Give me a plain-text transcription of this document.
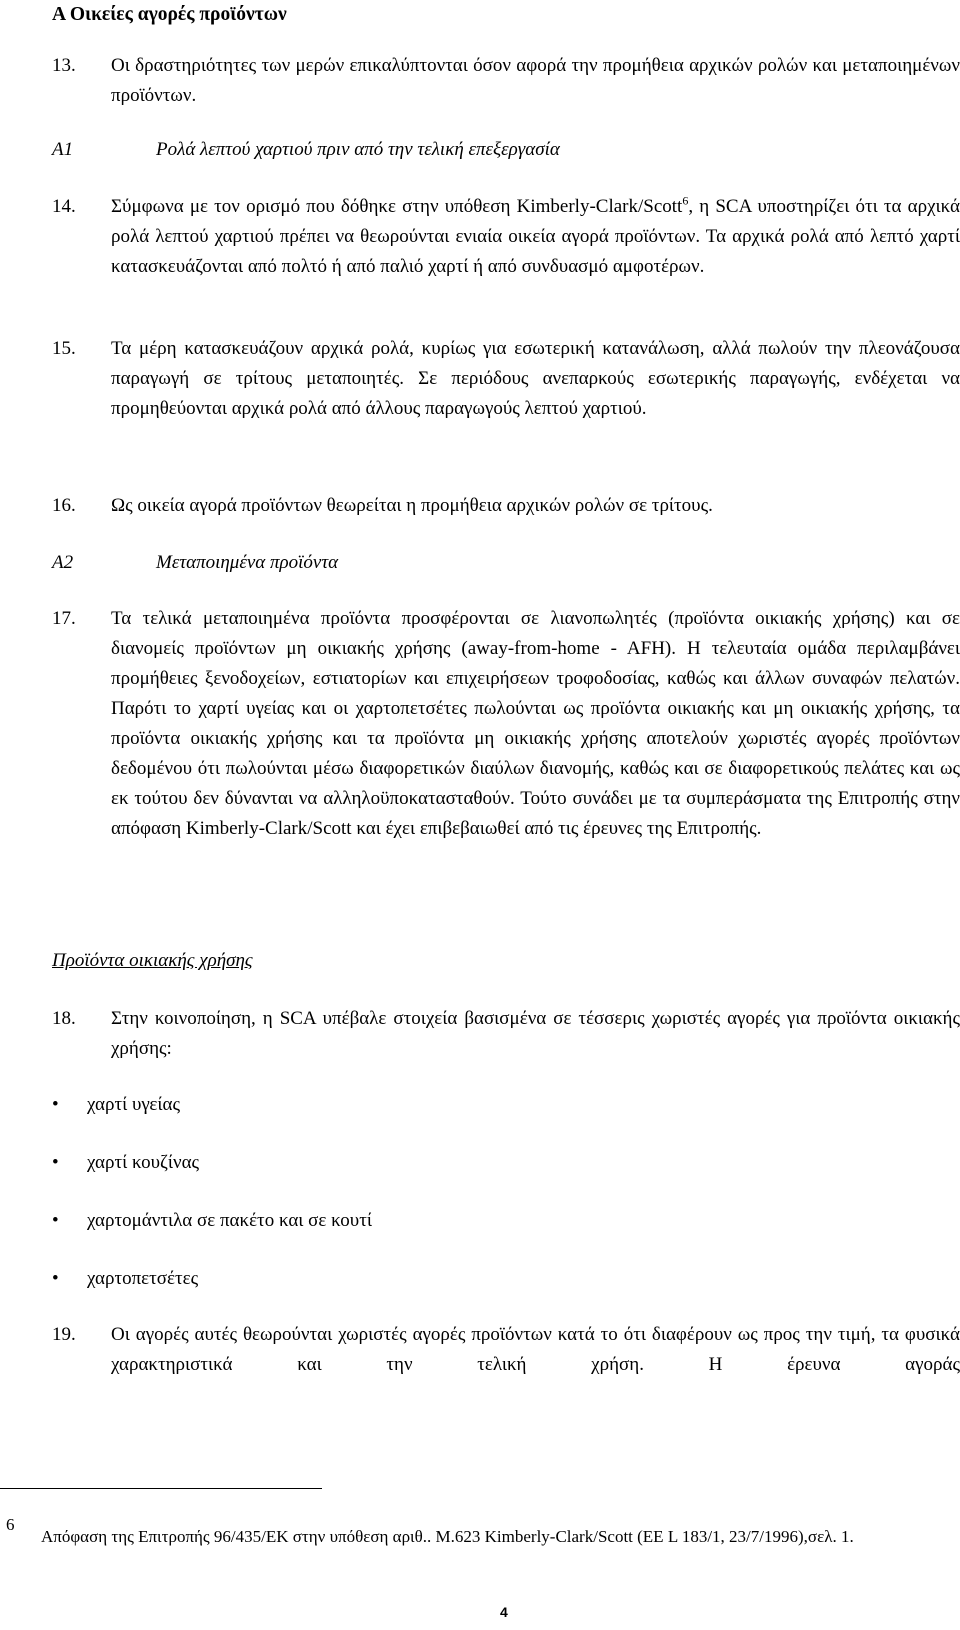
A Οικείες αγορές προϊόντων
13. Οι δραστηριότητες των μερών επικαλύπτονται όσον αφορά την προμήθεια αρχικών ρολών και μεταποιημένων προϊόντων.
A1	Ρολά λεπτού χαρτιού πριν από την τελική επεξεργασία
14. Σύμφωνα με τον ορισμό που δόθηκε στην υπόθεση Kimberly-Clark/Scott$^6$, η SCA υποστηρίζει ότι τα αρχικά ρολά λεπτού χαρτιού πρέπει να θεωρούνται ενιαία οικεία αγορά προϊόντων. Τα αρχικά ρολά από λεπτό χαρτί κατασκευάζονται από πολτό ή από παλιό χαρτί ή από συνδυασμό αμφοτέρων.
15. Τα μέρη κατασκευάζουν αρχικά ρολά, κυρίως για εσωτερική κατανάλωση, αλλά πωλούν την πλεονάζουσα παραγωγή σε τρίτους μεταποιητές. Σε περιόδους ανεπαρκούς εσωτερικής παραγωγής, ενδέχεται να προμηθεύονται αρχικά ρολά από άλλους παραγωγούς λεπτού χαρτιού.
16. Ως οικεία αγορά προϊόντων θεωρείται η προμήθεια αρχικών ρολών σε τρίτους.
A2	Μεταποιημένα προϊόντα
17. Τα τελικά μεταποιημένα προϊόντα προσφέρονται σε λιανοπωλητές (προϊόντα οικιακής χρήσης) και σε διανομείς προϊόντων μη οικιακής χρήσης (away-from-home - AFH). Η τελευταία ομάδα περιλαμβάνει προμήθειες ξενοδοχείων, εστιατορίων και επιχειρήσεων τροφοδοσίας, καθώς και άλλων συναφών πελατών. Παρότι το χαρτί υγείας και οι χαρτοπετσέτες πωλούνται ως προϊόντα οικιακής και μη οικιακής χρήσης, τα προϊόντα οικιακής χρήσης και τα προϊόντα μη οικιακής χρήσης αποτελούν χωριστές αγορές προϊόντων δεδομένου ότι πωλούνται μέσω διαφορετικών διαύλων διανομής, καθώς και σε διαφορετικούς πελάτες και ως εκ τούτου δεν δύνανται να αλληλοϋποκατασταθούν. Τούτο συνάδει με τα συμπεράσματα της Επιτροπής στην απόφαση Kimberly-Clark/Scott και έχει επιβεβαιωθεί από τις έρευνες της Επιτροπής.
Προϊόντα οικιακής χρήσης
18. Στην κοινοποίηση, η SCA υπέβαλε στοιχεία βασισμένα σε τέσσερις χωριστές αγορές για προϊόντα οικιακής χρήσης:
• χαρτί υγείας
• χαρτί κουζίνας
• χαρτομάντιλα σε πακέτο και σε κουτί
• χαρτοπετσέτες
19. Οι αγορές αυτές θεωρούνται χωριστές αγορές προϊόντων κατά το ότι διαφέρουν ως προς την τιμή, τα φυσικά χαρακτηριστικά και την τελική χρήση. Η έρευνα αγοράς
6
Απόφαση της Επιτροπής 96/435/ΕΚ στην υπόθεση αριθ.. Μ.623 Kimberly-Clark/Scott (ΕΕ L 183/1, 23/7/1996),σελ. 1.
4
